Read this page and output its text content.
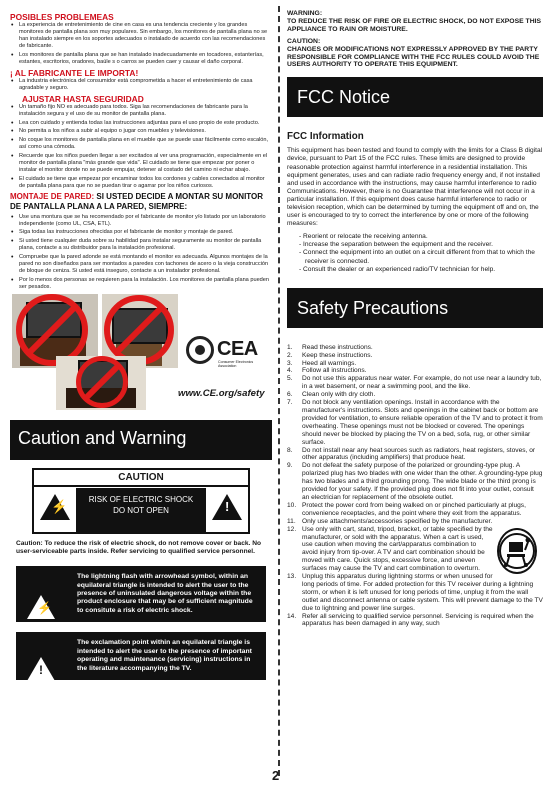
POSIBLES PROBLEMEAS

• La experiencia de entretenimiento de cine en casa es una tendencia creciente y los grandes monitores de pantalla plana son muy populares. Sin embargo, los monitores de pantalla plana no se han instalado siempre en los soportes adecuados o instalado de acuerdo con las recomendaciones de fabricante.
• Los monitores de pantalla plana que se han instalado inadecuadamente en tocadores, estanterías, estantes, escritorios, oradores, baúle s o carros se pueden caer y causar el daño corporal.

¡ AL FABRICANTE LE IMPORTA!

• La industria electrónica del consumidor está comprometida a hacer el entretenimiento de casa agradable y seguro.

AJUSTAR HASTA SEGURIDAD

• Un tamaño fijo NO es adecuado para todos. Siga las recomendaciones de fabricante para la instalación segura y el uso de su monitor de pantalla plana.
• Lea con cuidado y entienda todas las instrucciones adjuntas para el uso propio de este producto.
• No permita a los niños a subir al equipo o jugar con muebles y televisiones.
• No coque los monitores de pantalla plana en el mueble que se puede usar fácilmente como escalón, así como una cómoda.
• Recuerde que los niños pueden llegar a ser excitados al ver una programación, especialmente en el monitor de pantalla plana "más grande que vida". El cuidado se tiene que empezar por poner o instalar el monitor donde no se puede empujar, detener al costado del camino ni echar abajo.
• El cuidado se tiene que empezar por encaminar todos los cordones y cables conectados al monitor de pantalla plana para que no se puedan tirar o agarrar por los niños curiosos.

MONTAJE DE PARED: SI USTED DECIDE A MONTAR SU MONITOR DE PANTALLA PLANA A LA PARED, SIEMPRE:

• Use una montura que se ha recomendado por el fabricante de monitor y/o listado por un laboratorio independiente (como UL, CSA, ETL).
• Siga todas las instrucciones ofrecidas por el fabricante de monitor y montaje de pared.
• Si usted tiene cualquier duda sobre su habilidad para instalar seguramente su monitor de pantalla plana, contacte a su distribuidor para la instalación profesional.
• Compruebe que la pared adonde se está montando el monitor es adecuada. Algunos montajes de la pared no son diseñados para ser montados a paredes con tachones de acero o la vieja construcción de bloque de ceniza. Si usted está inseguro, contacte a un instalador profesional.
• Por lo menos dos personas se requieren para la instalación. Los monitores de pantalla plana pueden ser pesados.
CEA
Consumer Electronics Association
www.CE.org/safety
Caution and Warning
CAUTION
⚡	RISK OF ELECTRIC SHOCK
DO NOT OPEN	!

Caution: To reduce the risk of electric shock, do not remove cover or back. No user-serviceable parts inside. Refer servicing to qualified service personnel.

⚡

The lightning flash with arrowhead symbol, within an equilateral triangle is intended to alert the user to the presence of uninsulated dangerous voltage within the product enclosure that may be of sufficient magnitude to consitute a risk of electric shock.

!

The exclamation point within an equilateral triangle is intended to alert the user to the presence of important operating and maintenance (servicing) instructions in the literature accompanying the TV.

WARNING:
TO REDUCE THE RISK OF FIRE OR ELECTRIC SHOCK, DO NOT EXPOSE THIS APPLIANCE TO RAIN OR MOISTURE.

CAUTION:
CHANGES OR MODIFICATIONS NOT EXPRESSLY APPROVED BY THE PARTY RESPONSIBLE FOR COMPLIANCE WITH THE FCC RULES COULD AVOID THE USERS AUTHORITY TO OPERATE THIS EQUIPMENT.

FCC Notice
FCC Information

This equipment has been tested and found to comply with the limits for a Class B digital device, pursuant to Part 15 of the FCC rules. These limits are designed to provide reasonable protection against harmful interference in a residential installation. This equipment generates, uses and can radiate radio frequency energy and, if not installed and used in accordance with the instructions, may cause harmful interference to radio Communications. However, there is no Guarantee that interference will not occur in a particular installation. If this equipment does cause harmful interference to radio or television reception, which can be determined by turning the equipment off and on, the user is encouraged to try to correct the interference by one or more of the following measures:

- Reorient or relocate the receiving antenna.
- Increase the separation between the equipment and the receiver.
- Connect the equipment into an outlet on a circuit different from that to which the receiver is connected.
- Consult the dealer or an experienced radio/TV technician for help.
Safety Precautions
1. Read these instructions.
2. Keep these instructions.
3. Heed all warnings.
4. Follow all instructions.
5. Do not use this apparatus near water. For example, do not use near a laundry tub, in a wet basement, or near a swimming pool, and the like.
6. Clean only with dry cloth.
7. Do not block any ventilation openings. Install in accordance with the manufacturer's instructions. Slots and openings in the cabinet back or bottom are provided for ventilation, to ensure reliable operation of the TV and to protect it from overheating. These openings must not be blocked or covered. The openings should never be blocked by placing the TV on a bed, sofa, rug, or other similar surface.
8. Do not install near any heat sources such as radiators, heat registers, stoves, or other apparatus (including amplifiers) that produce heat.
9. Do not defeat the safety purpose of the polarized or grounding-type plug. A polarized plug has two blades with one wider than the other. A grounding-type plug has two blades and a third grounding prong. The wide blade or the third prong is provided for your safety. If the provided plug does not fit into your outlet, consult an electrician for replacement of the obsolete outlet.
10. Protect the power cord from being walked on or pinched particularly at plugs, convenience receptacles, and the point where they exit from the apparatus.
11. Only use attachments/accessories specified by the manufacturer.
12. Use only with cart, stand, tripod, bracket, or table specified by the manufacturer, or sold with the apparatus. When a cart is used, use caution when moving the cart/apparatus combination to avoid injury from tip-over. A TV and cart combination should be moved with care. Quick stops, excessive force, and uneven surfaces may cause the TV and cart combination to overturn.
13. Unplug this apparatus during lightning storms or when unused for long periods of time. For added protection for this TV receiver during a lightning storm, or when it is left unused for long periods of time, unplug it from the wall outlet and disconnect antenna or cable system. This will prevent damage to the TV due to lightning and power line surges.
14. Refer all servicing to qualified service personnel. Servicing is required when the apparatus has been damaged in any way, such
2
